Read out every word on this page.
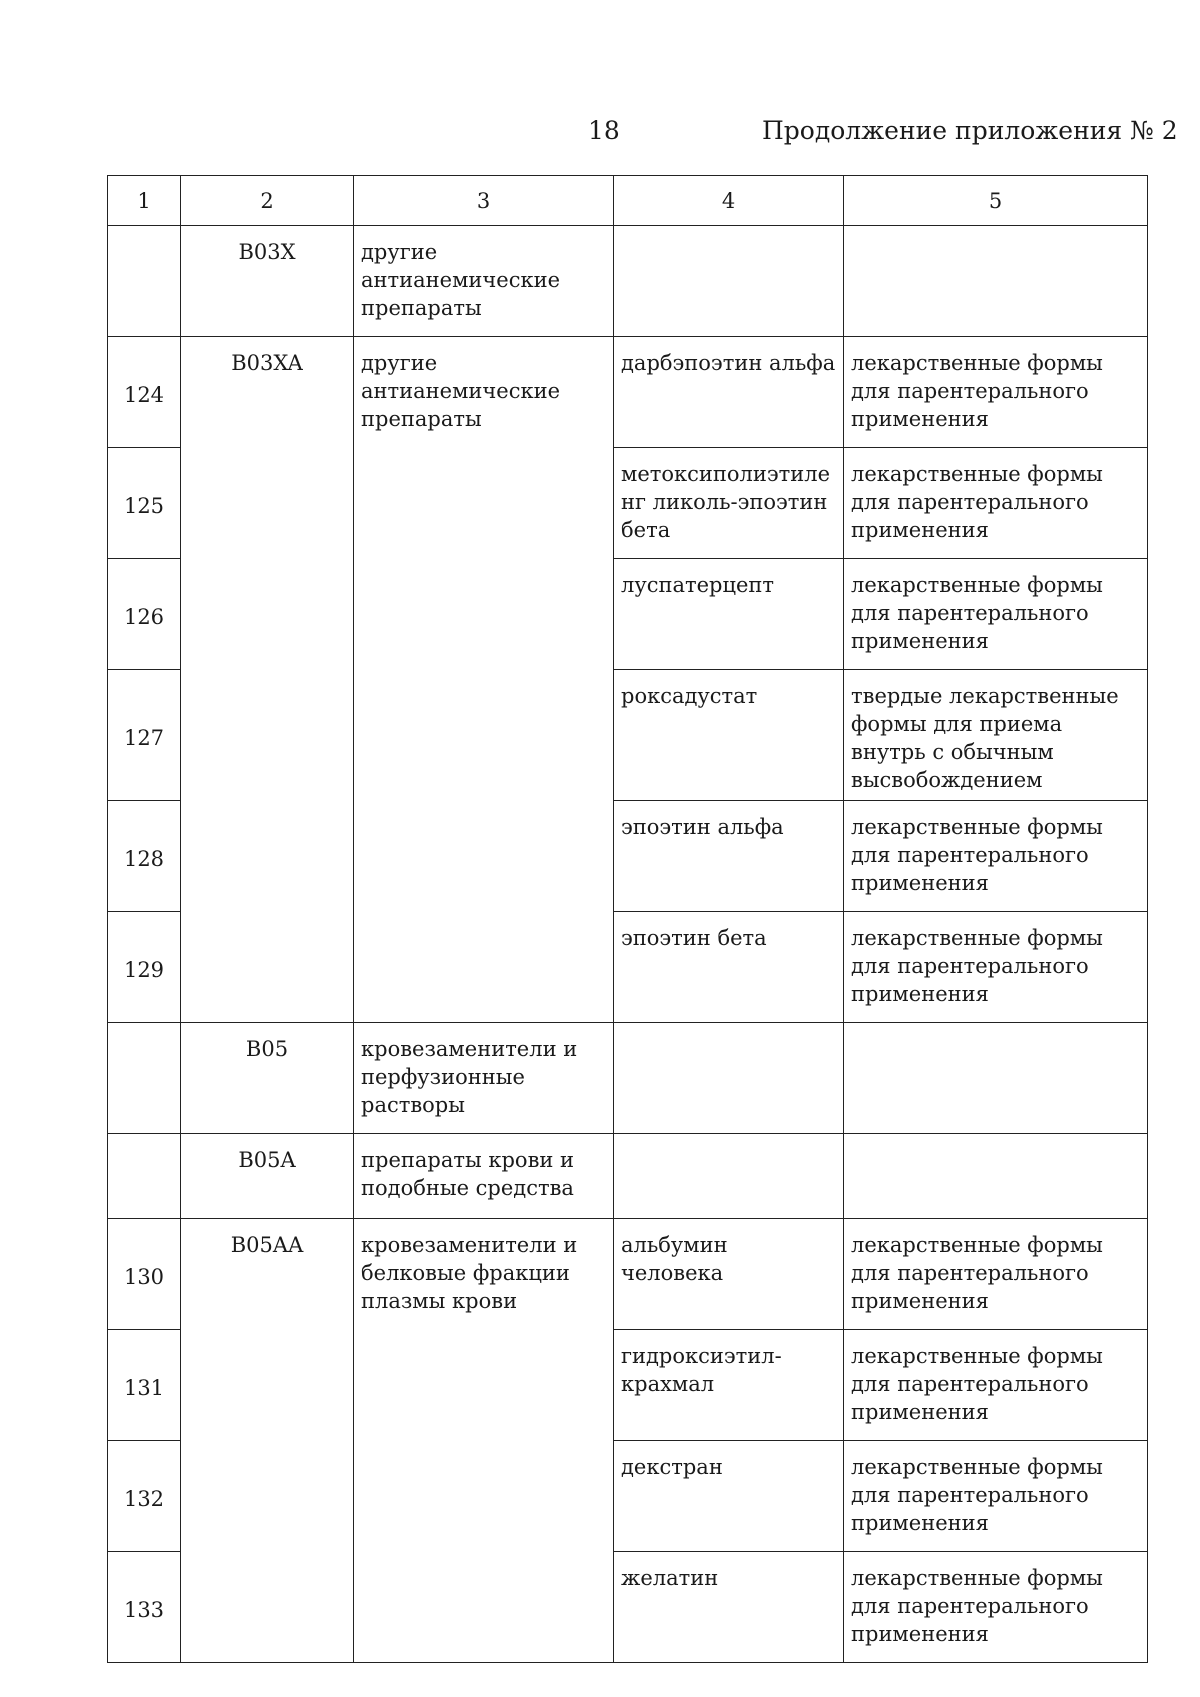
18	Продолжение приложения № 2
1	2	3	4	5
	B03X	другие антианемические препараты		
124	B03XA	другие антианемические препараты	дарбэпоэтин альфа	лекарственные формы для парентерального применения
125			метоксиполиэтиленг ликоль-эпоэтин бета	лекарственные формы для парентерального применения
126			луспатерцепт	лекарственные формы для парентерального применения
127			роксадустат	твердые лекарственные формы для приема внутрь с обычным высвобождением
128			эпоэтин альфа	лекарственные формы для парентерального применения
129			эпоэтин бета	лекарственные формы для парентерального применения
	B05	кровезаменители и перфузионные растворы		
	B05A	препараты крови и подобные средства		
130	B05AA	кровезаменители и белковые фракции плазмы крови	альбумин человека	лекарственные формы для парентерального применения
131			гидроксиэтил-крахмал	лекарственные формы для парентерального применения
132			декстран	лекарственные формы для парентерального применения
133			желатин	лекарственные формы для парентерального применения
